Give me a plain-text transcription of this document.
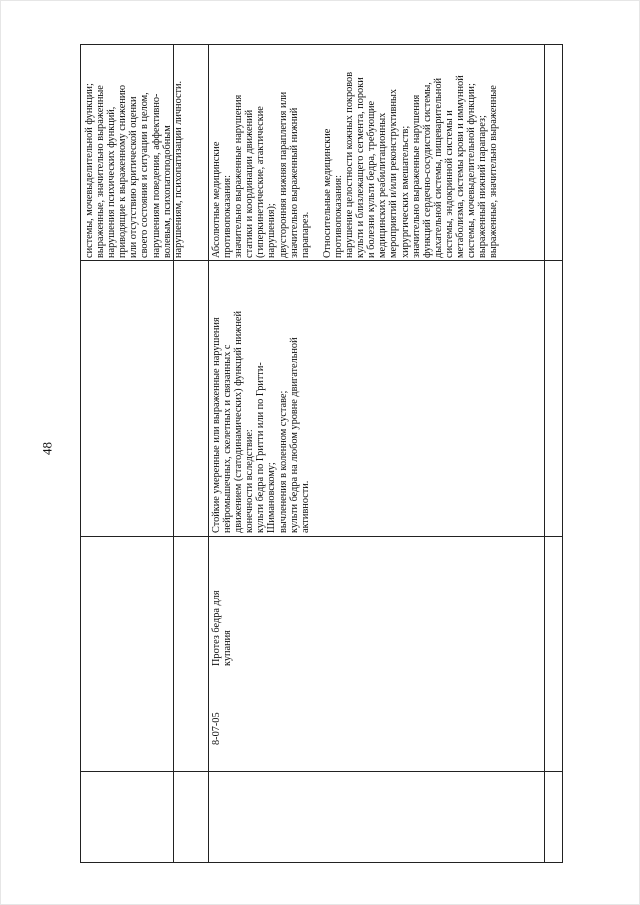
48
системы, мочевыделительной функции; выраженные, значительно выраженные нарушения психических функций, приводящие к выраженному снижению или отсутствию критической оценки своего состояния и ситуации в целом, нарушениям поведения, аффективно- волевым, психопатоподобным нарушениям, психопатизации личности.
8-07-05
Протез бедра для купания
Стойкие умеренные или выраженные нарушения нейромышечных, скелетных и связанных с движением (статодинамических) функций нижней конечности вследствие: культи бедра по Гритти или по Гритти- Шимановскому; вычленения в коленном суставе; культи бедра на любом уровне двигательной активности.
Абсолютные медицинские противопоказания: значительно выраженные нарушения статики и координации движений (гиперкинетические, атактические нарушения); двусторонняя нижняя параплегия или значительно выраженный нижний парапарез. Относительные медицинские противопоказания: нарушение целостности кожных покровов культи и близлежащего сегмента, пороки и болезни культи бедра, требующие медицинских реабилитационных мероприятий и/или реконструктивных хирургических вмешательств; значительно выраженные нарушения функций сердечно-сосудистой системы, дыхательной системы, пищеварительной системы, эндокринной системы и метаболизма, системы крови и иммунной системы, мочевыделительной функции; выраженный нижний парапарез; выраженные, значительно выраженные
